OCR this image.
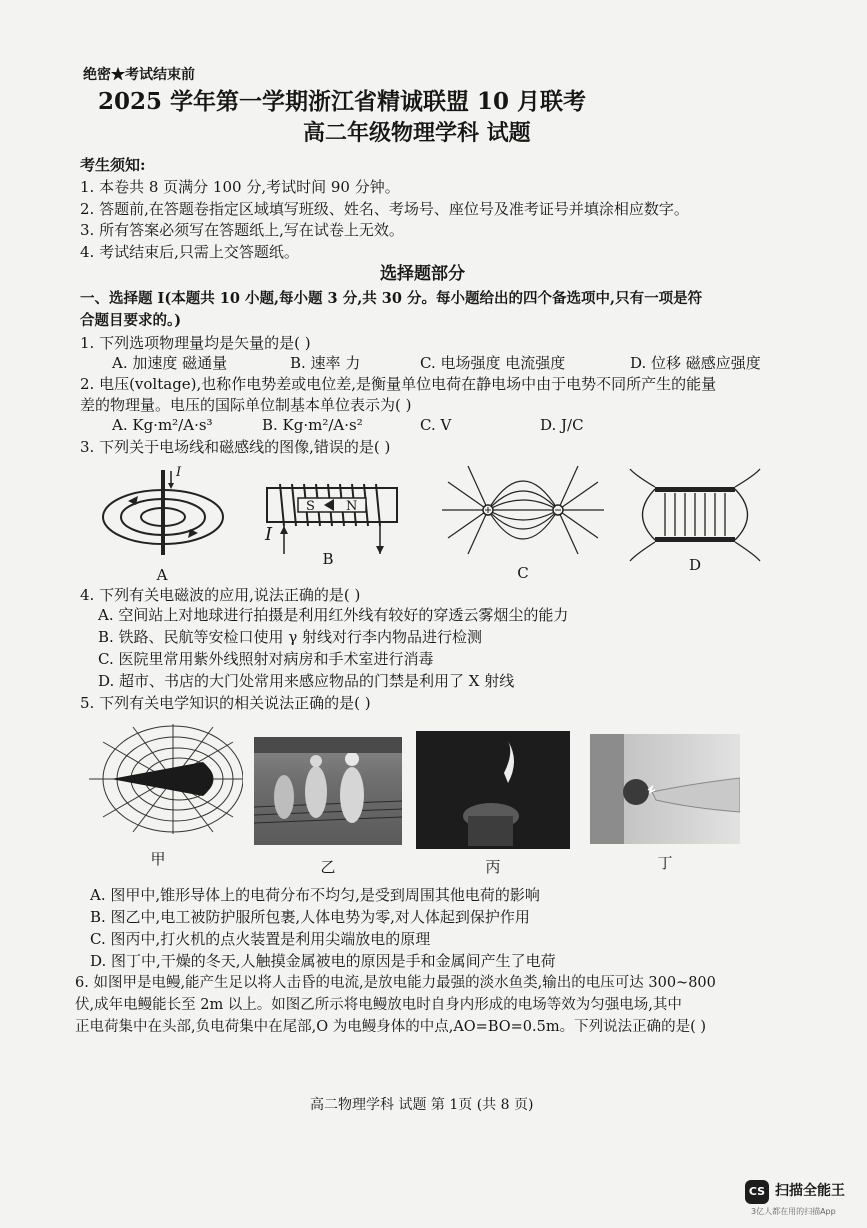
绝密★考试结束前
2025 学年第一学期浙江省精诚联盟 10 月联考
高二年级物理学科 试题
考生须知:
1. 本卷共 8 页满分 100 分,考试时间 90 分钟。
2. 答题前,在答题卷指定区域填写班级、姓名、考场号、座位号及准考证号并填涂相应数字。
3. 所有答案必须写在答题纸上,写在试卷上无效。
4. 考试结束后,只需上交答题纸。
选择题部分
一、选择题 I(本题共 10 小题,每小题 3 分,共 30 分。每小题给出的四个备选项中,只有一项是符
合题目要求的。)
1. 下列选项物理量均是矢量的是( )
A. 加速度 磁通量	B. 速率 力	C. 电场强度 电流强度	D. 位移 磁感应强度
2. 电压(voltage),也称作电势差或电位差,是衡量单位电荷在静电场中由于电势不同所产生的能量
差的物理量。电压的国际单位制基本单位表示为( )
A. Kg·m²/A·s³	B. Kg·m²/A·s²	C. V	D. J/C
3. 下列关于电场线和磁感线的图像,错误的是( )
I
A
S N
I
B
C	D
4. 下列有关电磁波的应用,说法正确的是( )
A. 空间站上对地球进行拍摄是利用红外线有较好的穿透云雾烟尘的能力
B. 铁路、民航等安检口使用 γ 射线对行李内物品进行检测
C. 医院里常用紫外线照射对病房和手术室进行消毒
D. 超市、书店的大门处常用来感应物品的门禁是利用了 X 射线
5. 下列有关电学知识的相关说法正确的是( )
甲	乙	丙	丁
A. 图甲中,锥形导体上的电荷分布不均匀,是受到周围其他电荷的影响
B. 图乙中,电工被防护服所包裹,人体电势为零,对人体起到保护作用
C. 图丙中,打火机的点火装置是利用尖端放电的原理
D. 图丁中,干燥的冬天,人触摸金属被电的原因是手和金属间产生了电荷
6. 如图甲是电鳗,能产生足以将人击昏的电流,是放电能力最强的淡水鱼类,输出的电压可达 300~800
伏,成年电鳗能长至 2m 以上。如图乙所示将电鳗放电时自身内形成的电场等效为匀强电场,其中
正电荷集中在头部,负电荷集中在尾部,O 为电鳗身体的中点,AO=BO=0.5m。下列说法正确的是( )
高二物理学科 试题 第 1页 (共 8 页)
CS 扫描全能王
3亿人都在用的扫描App
